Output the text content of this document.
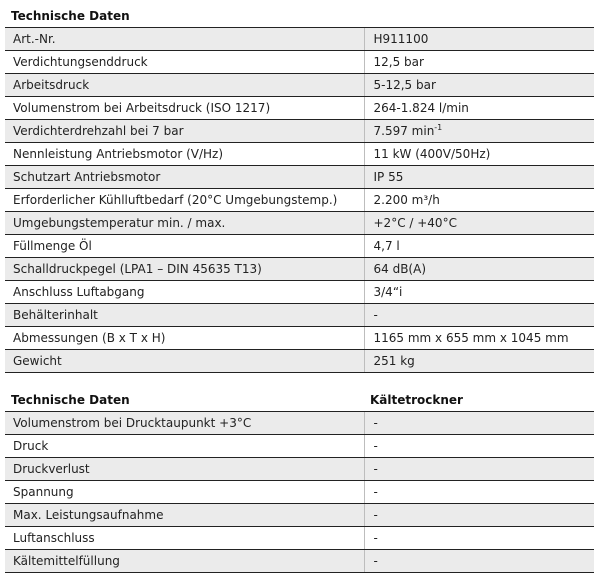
Technische Daten	
Art.-Nr.	H911100
Verdichtungsenddruck	12,5 bar
Arbeitsdruck	5-12,5 bar
Volumenstrom bei Arbeitsdruck (ISO 1217)	264-1.824 l/min
Verdichterdrehzahl bei 7 bar	7.597 $\min^{-1}$
Nennleistung Antriebsmotor (V/Hz)	11 kW (400V/50Hz)
Schutzart Antriebsmotor	IP 55
Erforderlicher Kühlluftbedarf (20°C Umgebungstemp.)	2.200 m³/h
Umgebungstemperatur min. / max.	+2°C / +40°C
Füllmenge Öl	4,7 l
Schalldruckpegel (LPA1 – DIN 45635 T13)	64 dB(A)
Anschluss Luftabgang	3/4“i
Behälterinhalt	-
Abmessungen (B x T x H)	1165 mm x 655 mm x 1045 mm
Gewicht	251 kg
Technische Daten	Kältetrockner
Volumenstrom bei Drucktaupunkt +3°C	-
Druck	-
Druckverlust	-
Spannung	-
Max. Leistungsaufnahme	-
Luftanschluss	-
Kältemittelfüllung	-
